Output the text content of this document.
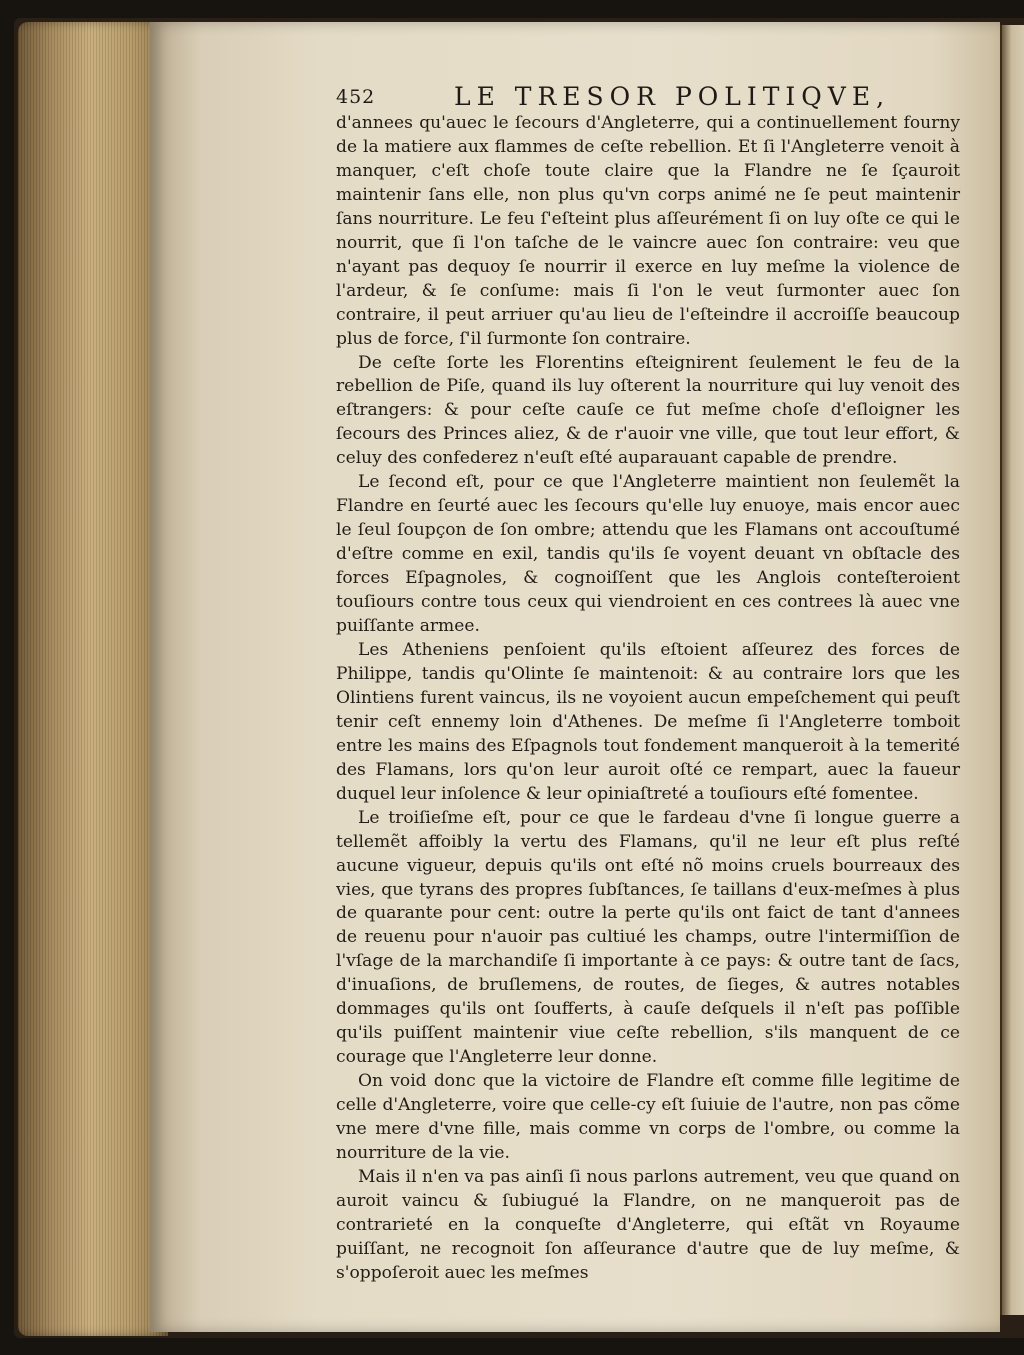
452	LE TRESOR POLITIQVE,

d'annees qu'auec le ſecours d'Angleterre, qui a continuellement fourny de la matiere aux flammes de ceſte rebellion. Et ſi l'Angleterre venoit à manquer, c'eſt choſe toute claire que la Flandre ne ſe ſçauroit maintenir ſans elle, non plus qu'vn corps animé ne ſe peut maintenir ſans nourriture. Le feu ſ'eſteint plus aſſeurément ſi on luy oſte ce qui le nourrit, que ſi l'on taſche de le vaincre auec ſon contraire: veu que n'ayant pas dequoy ſe nourrir il exerce en luy meſme la violence de l'ardeur, & ſe conſume: mais ſi l'on le veut ſurmonter auec ſon contraire, il peut arriuer qu'au lieu de l'eſteindre il accroiſſe beaucoup plus de force, ſ'il ſurmonte ſon contraire.

De ceſte ſorte les Florentins eſteignirent ſeulement le feu de la rebellion de Piſe, quand ils luy oſterent la nourriture qui luy venoit des eſtrangers: & pour ceſte cauſe ce fut meſme choſe d'eſloigner les ſecours des Princes aliez, & de r'auoir vne ville, que tout leur effort, & celuy des confederez n'euſt eſté auparauant capable de prendre.

Le ſecond eſt, pour ce que l'Angleterre maintient non ſeulemẽt la Flandre en ſeurté auec les ſecours qu'elle luy enuoye, mais encor auec le ſeul ſoupçon de ſon ombre; attendu que les Flamans ont accouſtumé d'eſtre comme en exil, tandis qu'ils ſe voyent deuant vn obſtacle des forces Eſpagnoles, & cognoiſſent que les Anglois conteſteroient touſiours contre tous ceux qui viendroient en ces contrees là auec vne puiſſante armee.

Les Atheniens penſoient qu'ils eſtoient aſſeurez des forces de Philippe, tandis qu'Olinte ſe maintenoit: & au contraire lors que les Olintiens furent vaincus, ils ne voyoient aucun empeſchement qui peuſt tenir ceſt ennemy loin d'Athenes. De meſme ſi l'Angleterre tomboit entre les mains des Eſpagnols tout fondement manqueroit à la temerité des Flamans, lors qu'on leur auroit oſté ce rempart, auec la faueur duquel leur inſolence & leur opiniaſtreté a touſiours eſté fomentee.

Le troiſieſme eſt, pour ce que le fardeau d'vne ſi longue guerre a tellemẽt affoibly la vertu des Flamans, qu'il ne leur eſt plus reſté aucune vigueur, depuis qu'ils ont eſté nõ moins cruels bourreaux des vies, que tyrans des propres ſubſtances, ſe taillans d'eux-meſmes à plus de quarante pour cent: outre la perte qu'ils ont faict de tant d'annees de reuenu pour n'auoir pas cultiué les champs, outre l'intermiſſion de l'vſage de la marchandiſe ſi importante à ce pays: & outre tant de ſacs, d'inuaſions, de bruſlemens, de routes, de ſieges, & autres notables dommages qu'ils ont ſoufferts, à cauſe deſquels il n'eſt pas poſſible qu'ils puiſſent maintenir viue ceſte rebellion, s'ils manquent de ce courage que l'Angleterre leur donne.

On void donc que la victoire de Flandre eſt comme fille legitime de celle d'Angleterre, voire que celle-cy eſt ſuiuie de l'autre, non pas cõme vne mere d'vne fille, mais comme vn corps de l'ombre, ou comme la nourriture de la vie.

Mais il n'en va pas ainſi ſi nous parlons autrement, veu que quand on auroit vaincu & ſubiugué la Flandre, on ne manqueroit pas de contrarieté en la conqueſte d'Angleterre, qui eſtãt vn Royaume puiſſant, ne recognoit ſon aſſeurance d'autre que de luy meſme, & s'oppoſeroit auec les meſmes
